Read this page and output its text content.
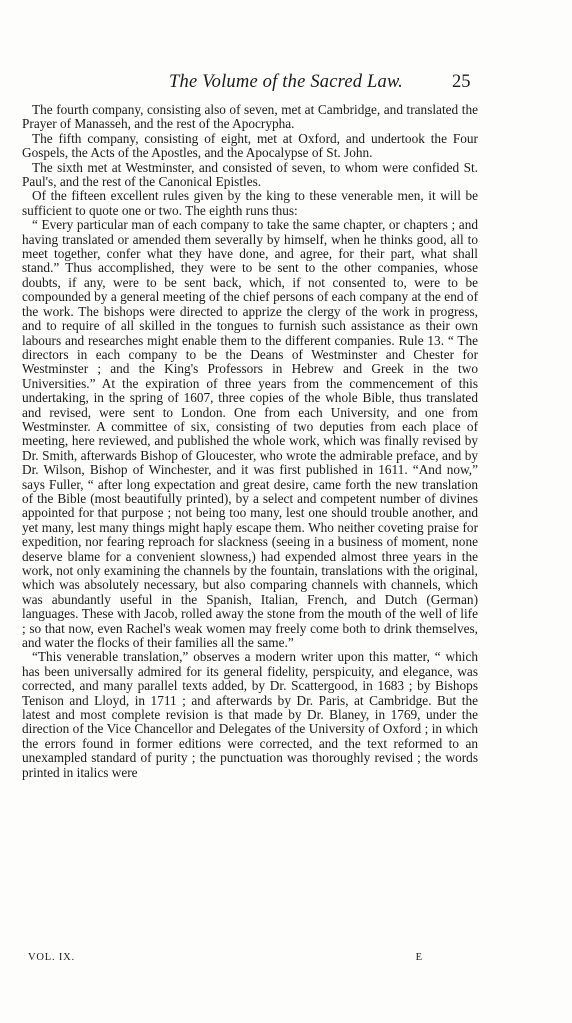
The Volume of the Sacred Law.	25

The fourth company, consisting also of seven, met at Cambridge, and translated the Prayer of Manasseh, and the rest of the Apocrypha.

The fifth company, consisting of eight, met at Oxford, and undertook the Four Gospels, the Acts of the Apostles, and the Apocalypse of St. John.

The sixth met at Westminster, and consisted of seven, to whom were confided St. Paul's, and the rest of the Canonical Epistles.

Of the fifteen excellent rules given by the king to these venerable men, it will be sufficient to quote one or two. The eighth runs thus:

“ Every particular man of each company to take the same chapter, or chapters ; and having translated or amended them severally by himself, when he thinks good, all to meet together, confer what they have done, and agree, for their part, what shall stand.” Thus accomplished, they were to be sent to the other companies, whose doubts, if any, were to be sent back, which, if not consented to, were to be compounded by a general meeting of the chief persons of each company at the end of the work. The bishops were directed to apprize the clergy of the work in progress, and to require of all skilled in the tongues to furnish such assistance as their own labours and researches might enable them to the different companies. Rule 13. “ The directors in each company to be the Deans of Westminster and Chester for Westminster ; and the King's Professors in Hebrew and Greek in the two Universities.” At the expiration of three years from the commencement of this undertaking, in the spring of 1607, three copies of the whole Bible, thus translated and revised, were sent to London. One from each University, and one from Westminster. A committee of six, consisting of two deputies from each place of meeting, here reviewed, and published the whole work, which was finally revised by Dr. Smith, afterwards Bishop of Gloucester, who wrote the admirable preface, and by Dr. Wilson, Bishop of Winchester, and it was first published in 1611. “And now,” says Fuller, “ after long expectation and great desire, came forth the new translation of the Bible (most beautifully printed), by a select and competent number of divines appointed for that purpose ; not being too many, lest one should trouble another, and yet many, lest many things might haply escape them. Who neither coveting praise for expedition, nor fearing reproach for slackness (seeing in a business of moment, none deserve blame for a convenient slowness,) had expended almost three years in the work, not only examining the channels by the fountain, translations with the original, which was absolutely necessary, but also comparing channels with channels, which was abundantly useful in the Spanish, Italian, French, and Dutch (German) languages. These with Jacob, rolled away the stone from the mouth of the well of life ; so that now, even Rachel's weak women may freely come both to drink themselves, and water the flocks of their families all the same.”

“This venerable translation,” observes a modern writer upon this matter, “ which has been universally admired for its general fidelity, perspicuity, and elegance, was corrected, and many parallel texts added, by Dr. Scattergood, in 1683 ; by Bishops Tenison and Lloyd, in 1711 ; and afterwards by Dr. Paris, at Cambridge. But the latest and most complete revision is that made by Dr. Blaney, in 1769, under the direction of the Vice Chancellor and Delegates of the University of Oxford ; in which the errors found in former editions were corrected, and the text reformed to an unexampled standard of purity ; the punctuation was thoroughly revised ; the words printed in italics were

VOL. IX.	E
